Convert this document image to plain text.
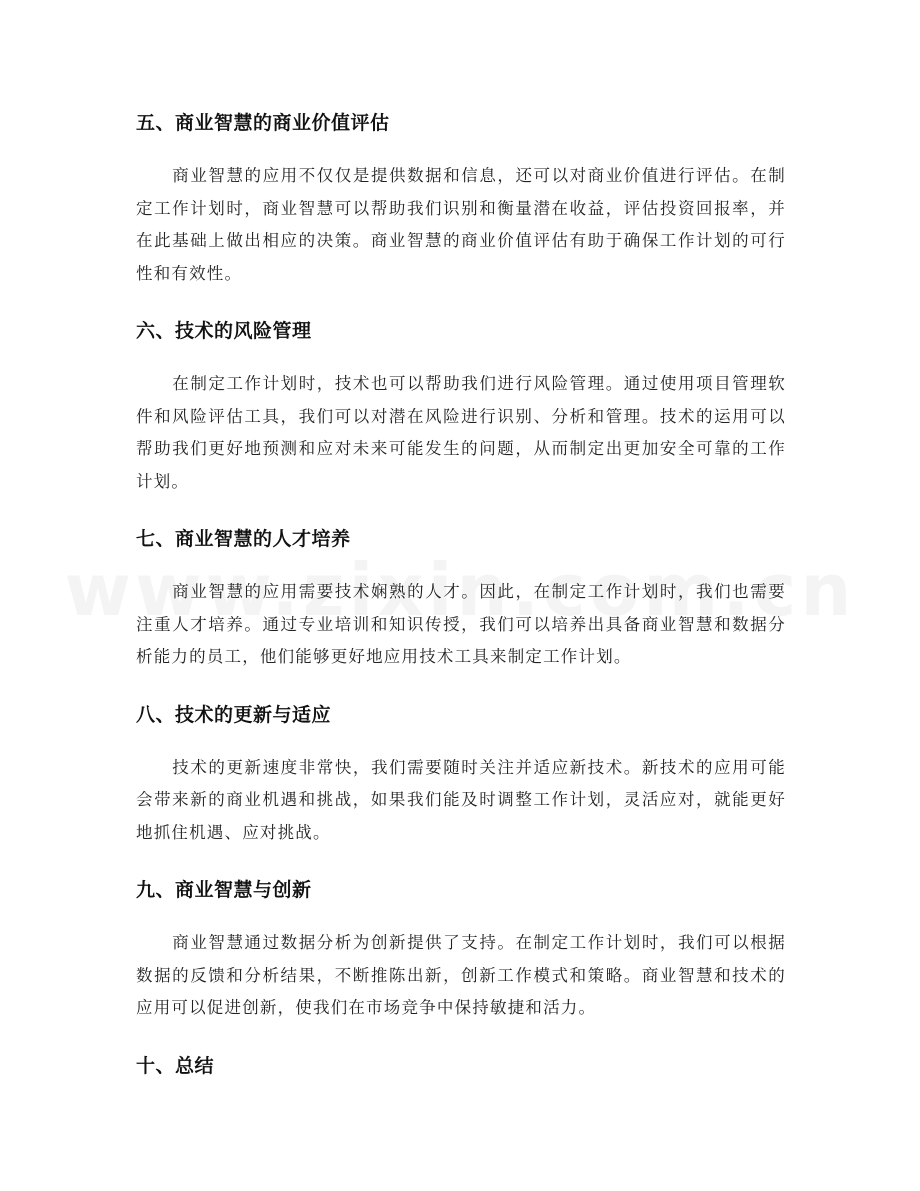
五、商业智慧的商业价值评估

商业智慧的应用不仅仅是提供数据和信息，还可以对商业价值进行评估。在制定工作计划时，商业智慧可以帮助我们识别和衡量潜在收益，评估投资回报率，并在此基础上做出相应的决策。商业智慧的商业价值评估有助于确保工作计划的可行性和有效性。

六、技术的风险管理

在制定工作计划时，技术也可以帮助我们进行风险管理。通过使用项目管理软件和风险评估工具，我们可以对潜在风险进行识别、分析和管理。技术的运用可以帮助我们更好地预测和应对未来可能发生的问题，从而制定出更加安全可靠的工作计划。

七、商业智慧的人才培养

商业智慧的应用需要技术娴熟的人才。因此，在制定工作计划时，我们也需要注重人才培养。通过专业培训和知识传授，我们可以培养出具备商业智慧和数据分析能力的员工，他们能够更好地应用技术工具来制定工作计划。

八、技术的更新与适应

技术的更新速度非常快，我们需要随时关注并适应新技术。新技术的应用可能会带来新的商业机遇和挑战，如果我们能及时调整工作计划，灵活应对，就能更好地抓住机遇、应对挑战。

九、商业智慧与创新

商业智慧通过数据分析为创新提供了支持。在制定工作计划时，我们可以根据数据的反馈和分析结果，不断推陈出新，创新工作模式和策略。商业智慧和技术的应用可以促进创新，使我们在市场竞争中保持敏捷和活力。

十、总结
